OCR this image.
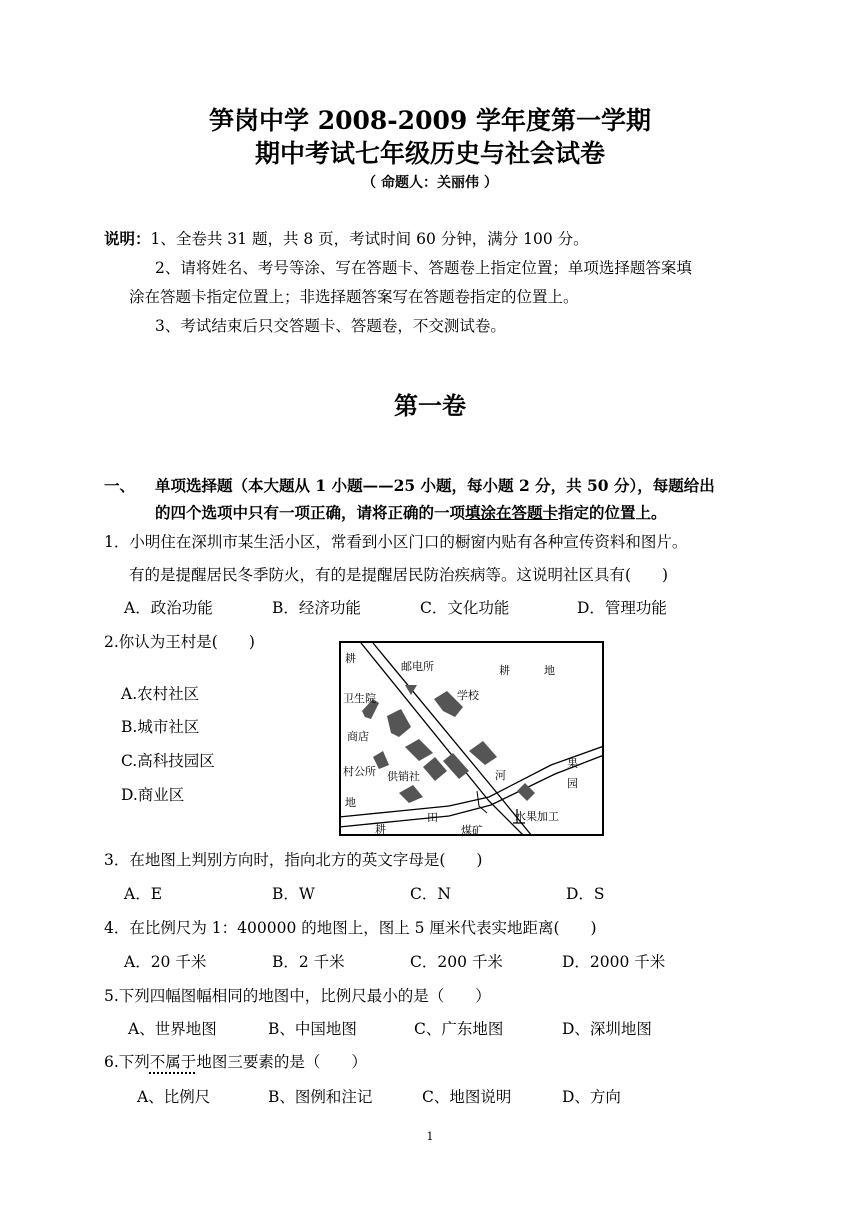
笋岗中学 2008-2009 学年度第一学期
期中考试七年级历史与社会试卷
（ 命题人：关丽伟 ）
说明：1、全卷共 31 题，共 8 页，考试时间 60 分钟，满分 100 分。
2、请将姓名、考号等涂、写在答题卡、答题卷上指定位置；单项选择题答案填
涂在答题卡指定位置上；非选择题答案写在答题卷指定的位置上。
3、考试结束后只交答题卡、答题卷，不交测试卷。
第一卷
一、 单项选择题（本大题从 1 小题——25 小题，每小题 2 分，共 50 分），每题给出
的四个选项中只有一项正确，请将正确的一项填涂在答题卡指定的位置上。
1．小明住在深圳市某生活小区，常看到小区门口的橱窗内贴有各种宣传资料和图片。
有的是提醒居民冬季防火，有的是提醒居民防治疾病等。这说明社区具有(　　)
A．政治功能	B．经济功能	C．文化功能	D．管理功能
2.你认为王村是(　　)
A.农村社区
B.城市社区
C.高科技园区
D.商业区
耕
邮电所	耕	地
卫生院	学校
商店
村公所 供销社	河
果
园
地
耕
田
煤矿
水果加工
3．在地图上判别方向时，指向北方的英文字母是(　　)
A．E	B．W	C．N	D．S
4．在比例尺为 1：400000 的地图上，图上 5 厘米代表实地距离(　　)
A．20 千米	B．2 千米	C．200 千米	D．2000 千米
5.下列四幅图幅相同的地图中，比例尺最小的是（　　）
A、世界地图	B、中国地图	C、广东地图	D、深圳地图
6.下列不属于地图三要素的是（　　）
A、比例尺	B、图例和注记	C、地图说明	D、方向
1
